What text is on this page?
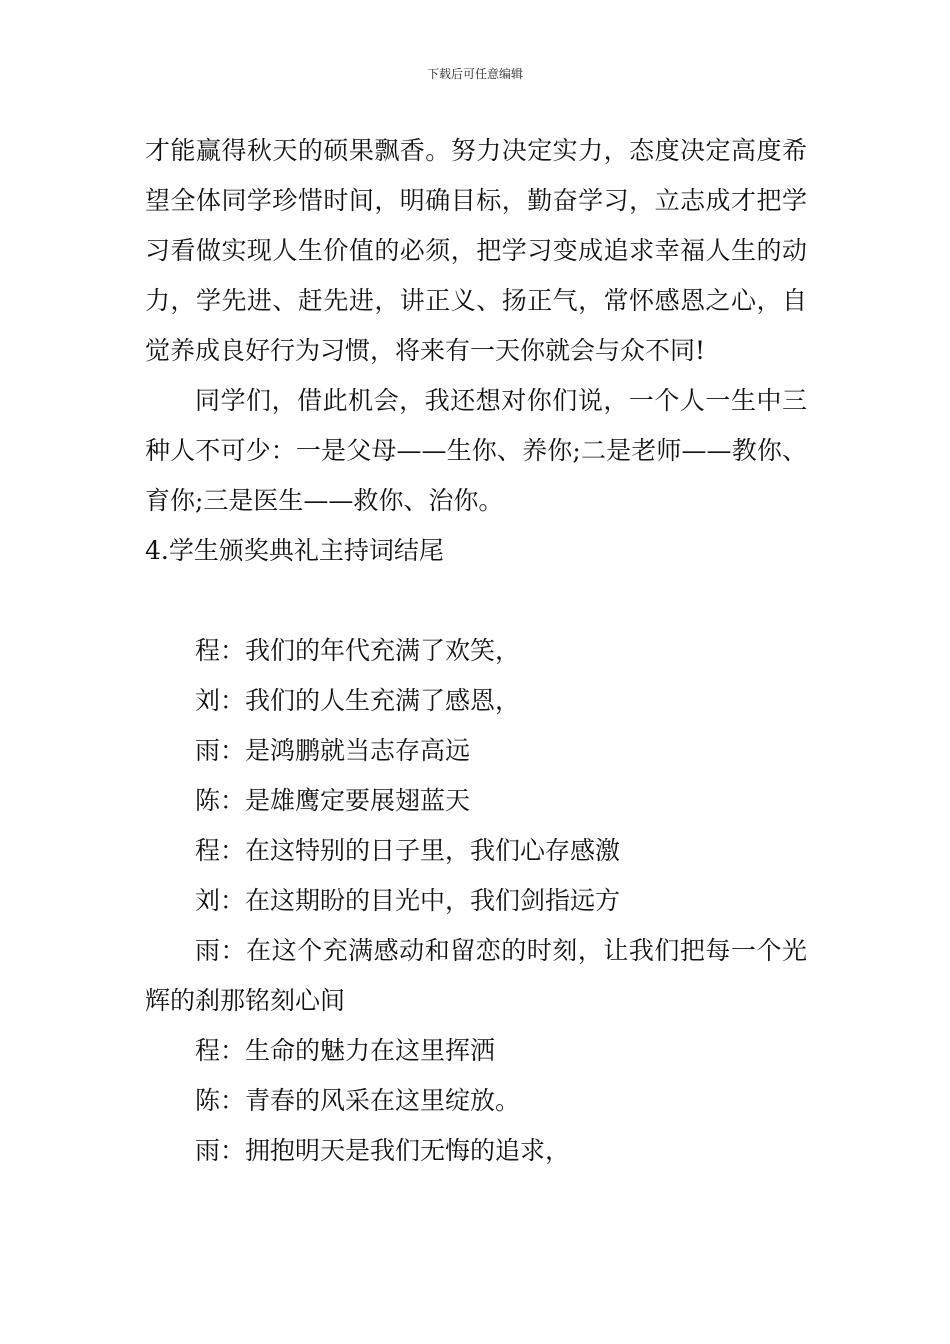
下载后可任意编辑

才能赢得秋天的硕果飘香。努力决定实力，态度决定高度希望全体同学珍惜时间，明确目标，勤奋学习，立志成才把学习看做实现人生价值的必须，把学习变成追求幸福人生的动力，学先进、赶先进，讲正义、扬正气，常怀感恩之心，自觉养成良好行为习惯，将来有一天你就会与众不同!

同学们，借此机会，我还想对你们说，一个人一生中三种人不可少：一是父母——生你、养你;二是老师——教你、育你;三是医生——救你、治你。

4.学生颁奖典礼主持词结尾

程：我们的年代充满了欢笑，

刘：我们的人生充满了感恩，

雨：是鸿鹏就当志存高远

陈：是雄鹰定要展翅蓝天

程：在这特别的日子里，我们心存感激

刘：在这期盼的目光中，我们剑指远方

雨：在这个充满感动和留恋的时刻，让我们把每一个光辉的刹那铭刻心间

程：生命的魅力在这里挥洒

陈：青春的风采在这里绽放。

雨：拥抱明天是我们无悔的追求，
